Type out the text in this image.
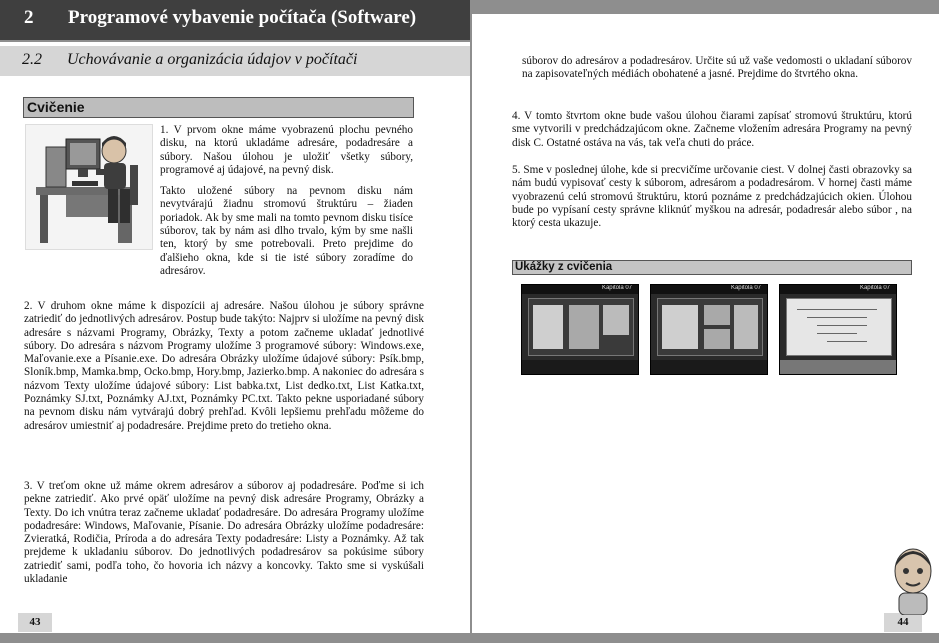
2 Programové vybavenie počítača (Software)
2.2 Uchovávanie a organizácia údajov v počítači
Cvičenie

1. V prvom okne máme vyobrazenú plochu pevného disku, na ktorú ukladáme adresáre, podadresáre a súbory. Našou úlohou je uložiť všetky súbory, programové aj údajové, na pevný disk.

Takto uložené súbory na pevnom disku nám nevytvárajú žiadnu stromovú štruktúru – žiaden poriadok. Ak by sme mali na tomto pevnom disku tisíce súborov, tak by nám asi dlho trvalo, kým by sme našli ten, ktorý by sme potrebovali. Preto prejdime do ďalšieho okna, kde si tie isté súbory zoradíme do adresárov.

2. V druhom okne máme k dispozícii aj adresáre. Našou úlohou je súbory správne zatriediť do jednotlivých adresárov. Postup bude takýto: Najprv si uložíme na pevný disk adresáre s názvami Programy, Obrázky, Texty a potom začneme ukladať jednotlivé súbory. Do adresára s názvom Programy uložíme 3 programové súbory: Windows.exe, Maľovanie.exe a Písanie.exe. Do adresára Obrázky uložíme údajové súbory: Psík.bmp, Sloník.bmp, Mamka.bmp, Ocko.bmp, Hory.bmp, Jazierko.bmp. A nakoniec do adresára s názvom Texty uložíme údajové súbory: List babka.txt, List dedko.txt, List Katka.txt, Poznámky SJ.txt, Poznámky AJ.txt, Poznámky PC.txt. Takto pekne usporiadané súbory na pevnom disku nám vytvárajú dobrý prehľad. Kvôli lepšiemu prehľadu môžeme do adresárov umiestniť aj podadresáre. Prejdime preto do tretieho okna.
3. V treťom okne už máme okrem adresárov a súborov aj podadresáre. Poďme si ich pekne zatriediť. Ako prvé opäť uložíme na pevný disk adresáre Programy, Obrázky a Texty. Do ich vnútra teraz začneme ukladať podadresáre. Do adresára Programy uložíme podadresáre: Windows, Maľovanie, Písanie. Do adresára Obrázky uložíme podadresáre: Zvieratká, Rodičia, Príroda a do adresára Texty podadresáre: Listy a Poznámky. Až tak prejdeme k ukladaniu súborov. Do jednotlivých podadresárov sa pokúsime súbory zatriediť sami, podľa toho, čo hovoria ich názvy a koncovky. Takto sme si vyskúšali ukladanie
43
súborov do adresárov a podadresárov. Určite sú už vaše vedomosti o ukladaní súborov na zapisovateľných médiách obohatené a jasné. Prejdime do štvrtého okna.
4. V tomto štvrtom okne bude vašou úlohou čiarami zapísať stromovú štruktúru, ktorú sme vytvorili v predchádzajúcom okne. Začneme vložením adresára Programy na pevný disk C. Ostatné ostáva na vás, tak veľa chuti do práce.
5. Sme v poslednej úlohe, kde si precvičíme určovanie ciest. V dolnej časti obrazovky sa nám budú vypisovať cesty k súborom, adresárom a podadresárom. V hornej časti máme vyobrazenú celú stromovú štruktúru, ktorú poznáme z predchádzajúcich okien. Úlohou bude po vypísaní cesty správne kliknúť myškou na adresár, podadresár alebo súbor , na ktorý cesta ukazuje.
Ukážky z cvičenia
Kapitola 07	Kapitola 07	Kapitola 07
44
